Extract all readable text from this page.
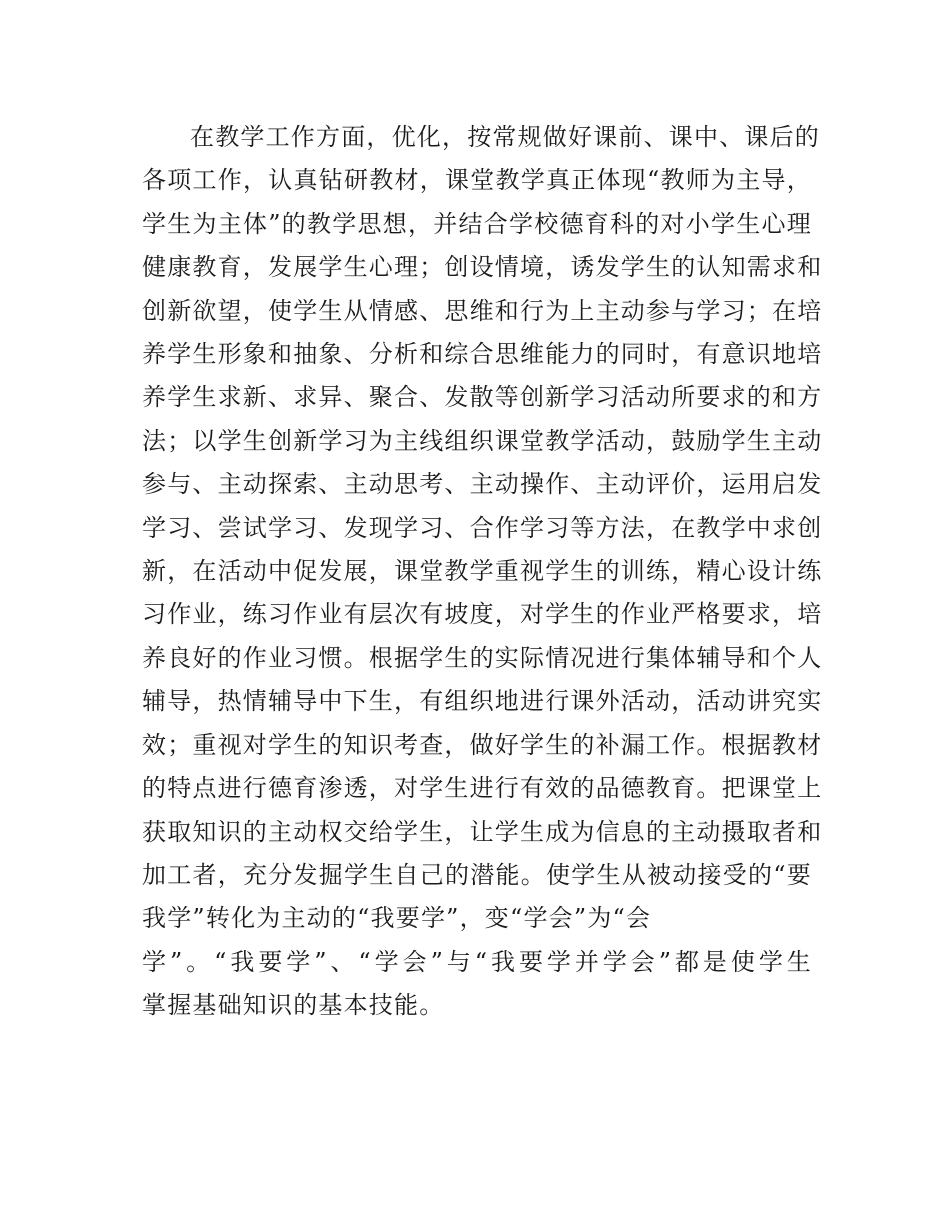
在教学工作方面，优化，按常规做好课前、课中、课后的
各项工作，认真钻研教材，课堂教学真正体现“教师为主导，
学生为主体”的教学思想，并结合学校德育科的对小学生心理
健康教育，发展学生心理；创设情境，诱发学生的认知需求和
创新欲望，使学生从情感、思维和行为上主动参与学习；在培
养学生形象和抽象、分析和综合思维能力的同时，有意识地培
养学生求新、求异、聚合、发散等创新学习活动所要求的和方
法；以学生创新学习为主线组织课堂教学活动，鼓励学生主动
参与、主动探索、主动思考、主动操作、主动评价，运用启发
学习、尝试学习、发现学习、合作学习等方法，在教学中求创
新，在活动中促发展，课堂教学重视学生的训练，精心设计练
习作业，练习作业有层次有坡度，对学生的作业严格要求，培
养良好的作业习惯。根据学生的实际情况进行集体辅导和个人
辅导，热情辅导中下生，有组织地进行课外活动，活动讲究实
效；重视对学生的知识考查，做好学生的补漏工作。根据教材
的特点进行德育渗透，对学生进行有效的品德教育。把课堂上
获取知识的主动权交给学生，让学生成为信息的主动摄取者和
加工者，充分发掘学生自己的潜能。使学生从被动接受的“要
我学”转化为主动的“我要学”，变“学会”为“会
学”。“我要学”、“学会”与“我要学并学会”都是使学生
掌握基础知识的基本技能。
